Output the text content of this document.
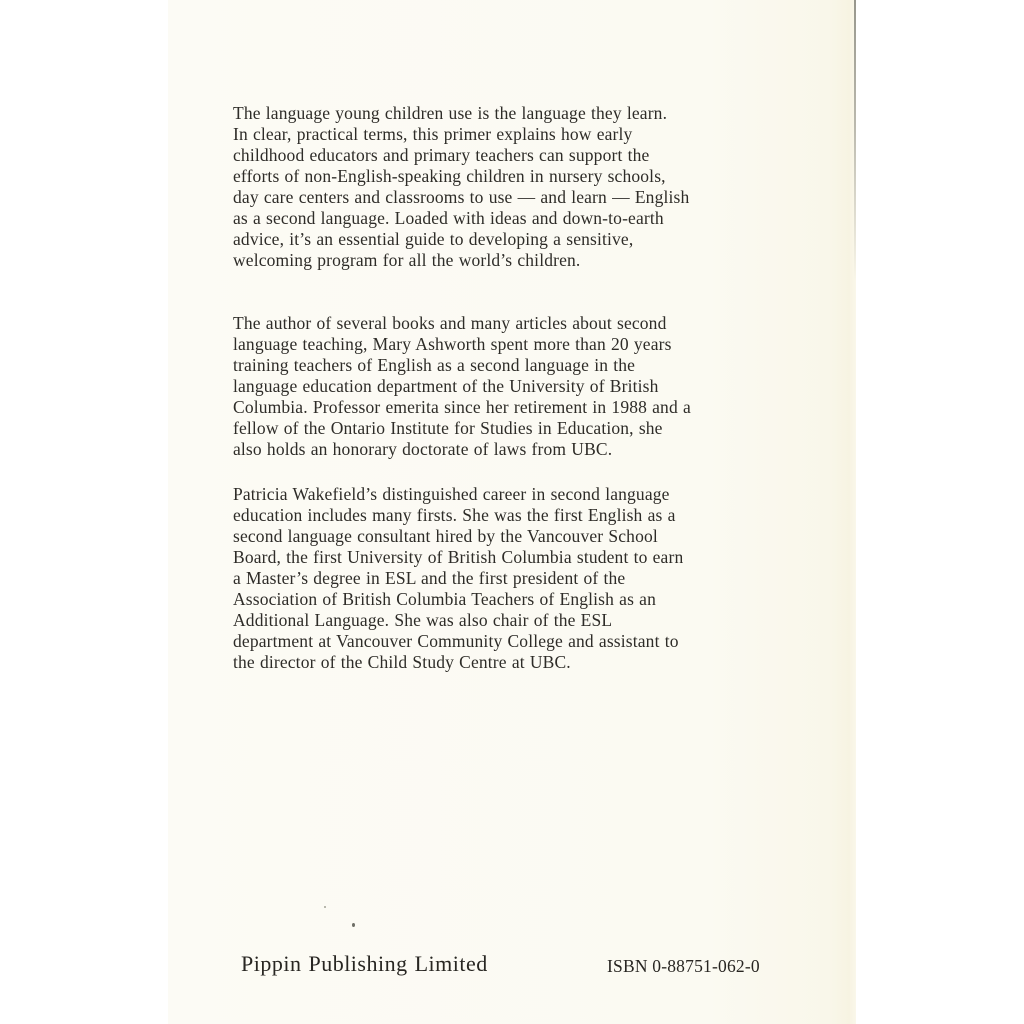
The language young children use is the language they learn.
In clear, practical terms, this primer explains how early
childhood educators and primary teachers can support the
efforts of non-English-speaking children in nursery schools,
day care centers and classrooms to use — and learn — English
as a second language. Loaded with ideas and down-to-earth
advice, it’s an essential guide to developing a sensitive,
welcoming program for all the world’s children.
The author of several books and many articles about second
language teaching, Mary Ashworth spent more than 20 years
training teachers of English as a second language in the
language education department of the University of British
Columbia. Professor emerita since her retirement in 1988 and a
fellow of the Ontario Institute for Studies in Education, she
also holds an honorary doctorate of laws from UBC.
Patricia Wakefield’s distinguished career in second language
education includes many firsts. She was the first English as a
second language consultant hired by the Vancouver School
Board, the first University of British Columbia student to earn
a Master’s degree in ESL and the first president of the
Association of British Columbia Teachers of English as an
Additional Language. She was also chair of the ESL
department at Vancouver Community College and assistant to
the director of the Child Study Centre at UBC.
Pippin Publishing Limited	ISBN 0-88751-062-0
